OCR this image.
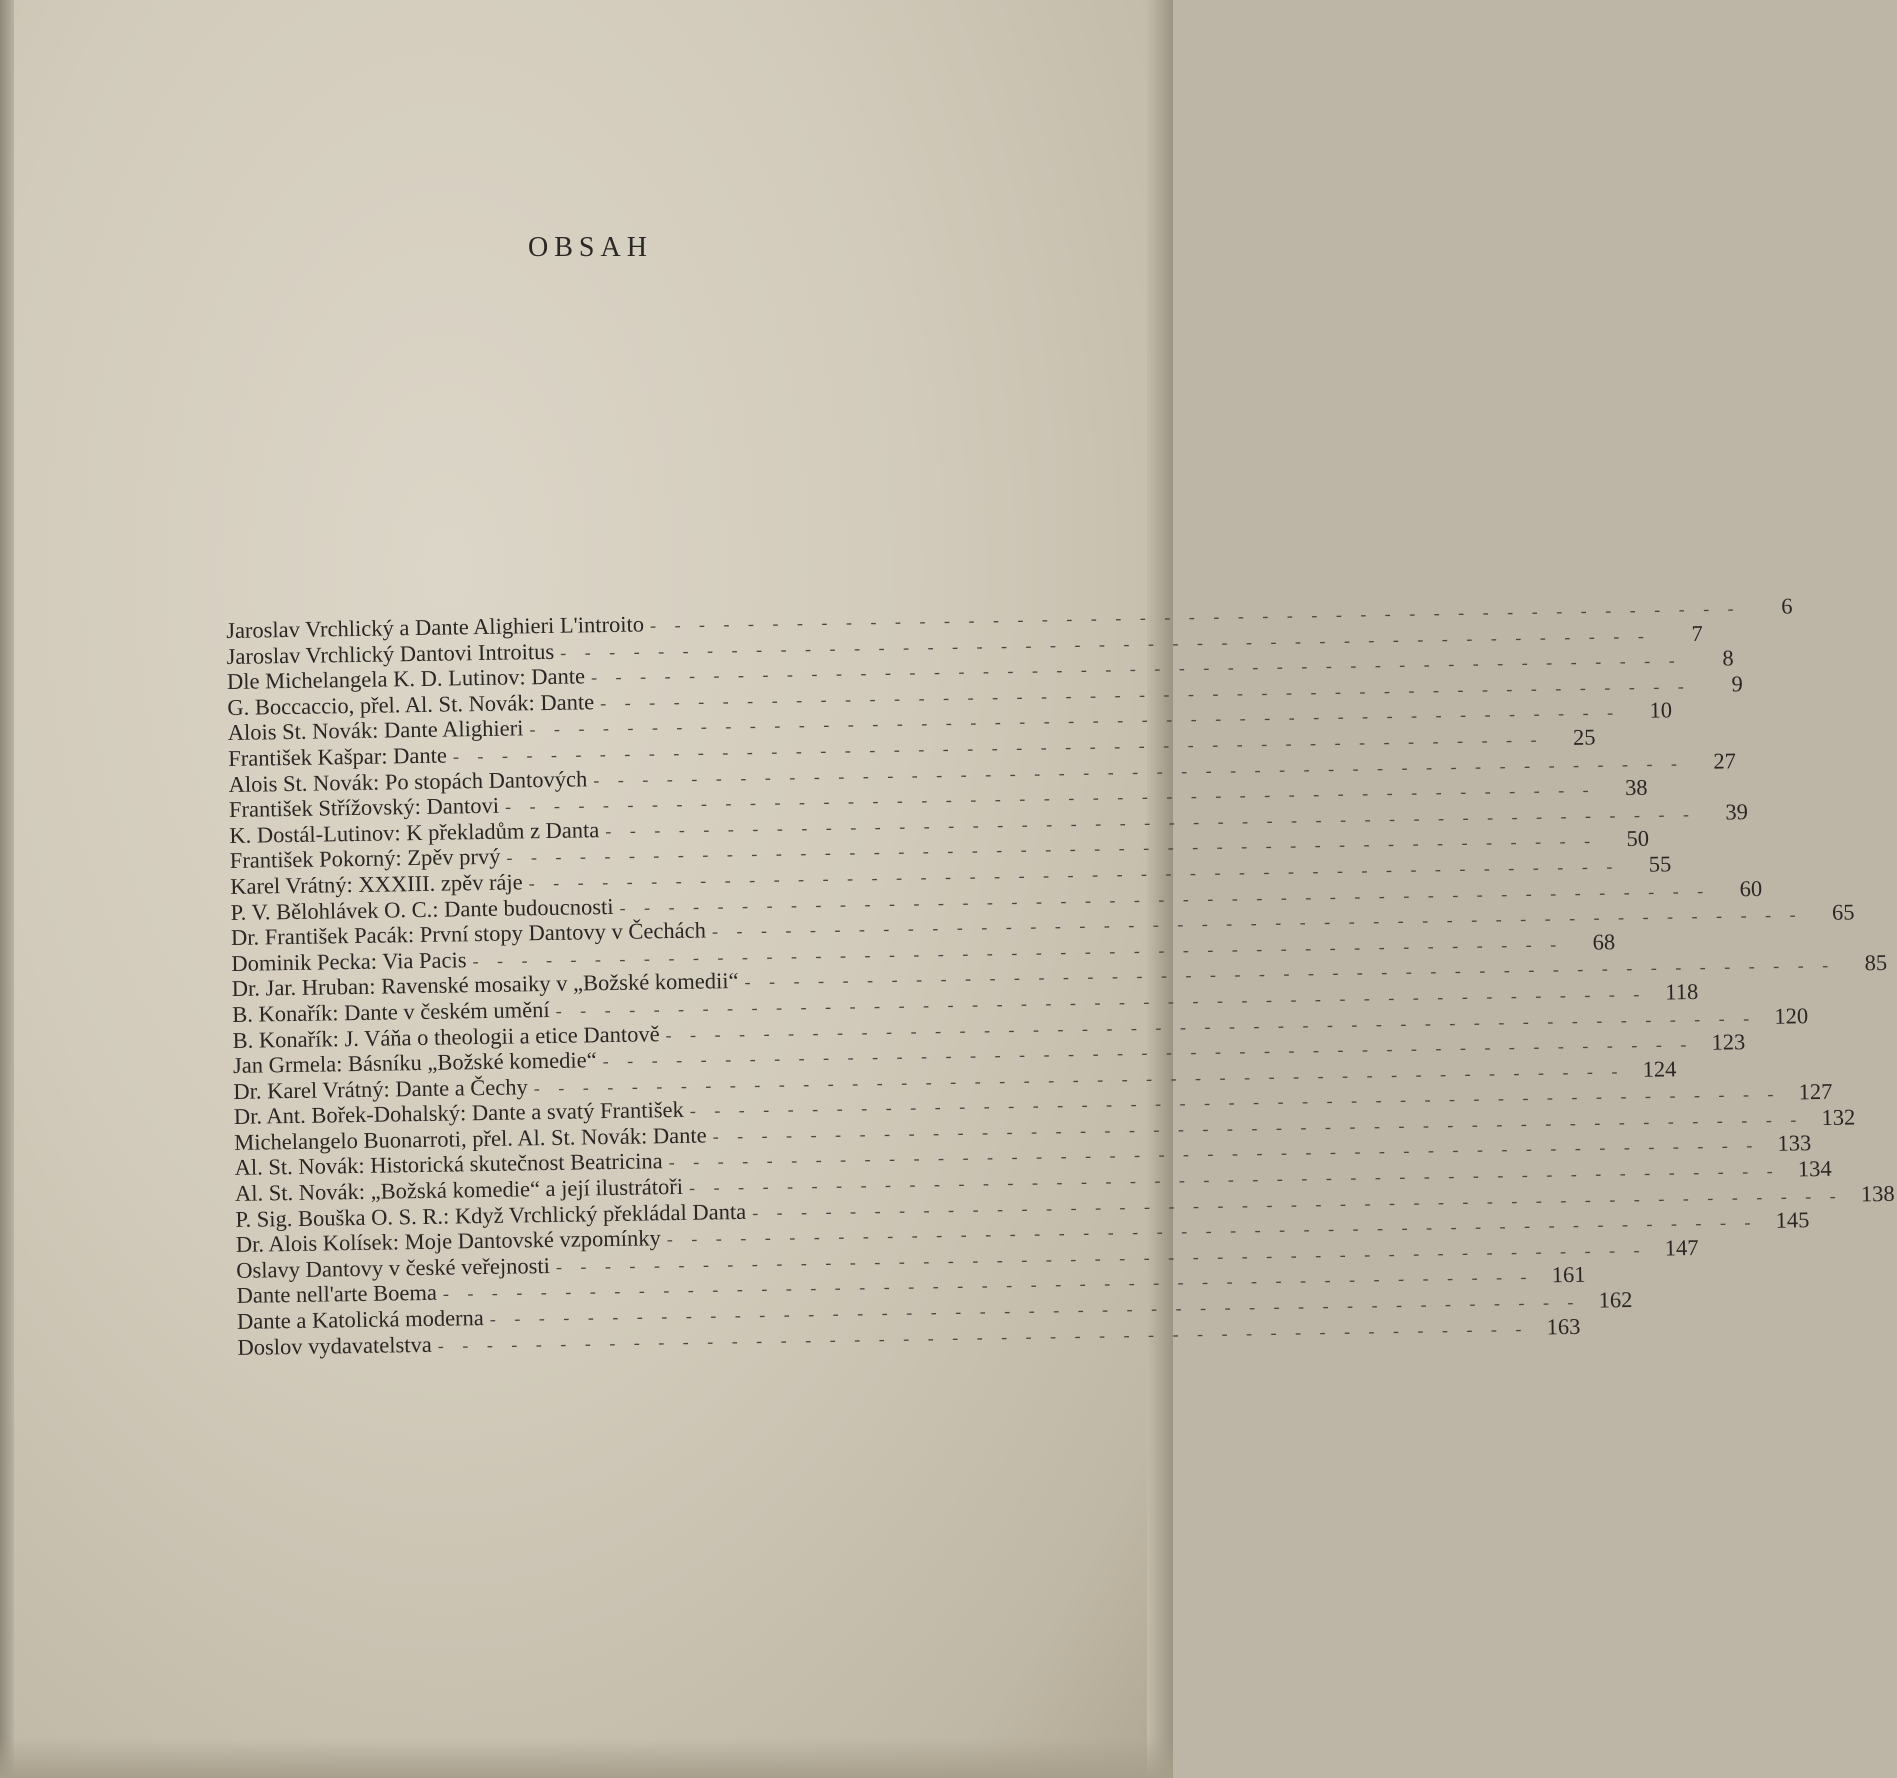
OBSAH
Jaroslav Vrchlický a Dante Alighieri L'introito
- - -
6
Jaroslav Vrchlický Dantovi Introitus
- - -
7
Dle Michelangela K. D. Lutinov: Dante
- - -
8
G. Boccaccio, přel. Al. St. Novák: Dante
- - -
9
Alois St. Novák: Dante Alighieri
- - -
10
František Kašpar: Dante
- - -
25
Alois St. Novák: Po stopách Dantových
- - -
27
František Střížovský: Dantovi
- - -
38
K. Dostál-Lutinov: K překladům z Danta
- - -
39
František Pokorný: Zpěv prvý
- - -
50
Karel Vrátný: XXXIII. zpěv ráje
- - -
55
P. V. Bělohlávek O. C.: Dante budoucnosti
- - -
60
Dr. František Pacák: První stopy Dantovy v Čechách
- - -
65
Dominik Pecka: Via Pacis
- - -
68
Dr. Jar. Hruban: Ravenské mosaiky v „Božské komedii“
- - -
85
B. Konařík: Dante v českém umění
- - -
118
B. Konařík: J. Váňa o theologii a etice Dantově
- - -
120
Jan Grmela: Básníku „Božské komedie“
- - -
123
Dr. Karel Vrátný: Dante a Čechy
- - -
124
Dr. Ant. Bořek-Dohalský: Dante a svatý František
- - -
127
Michelangelo Buonarroti, přel. Al. St. Novák: Dante
- - -
132
Al. St. Novák: Historická skutečnost Beatricina
- - -
133
Al. St. Novák: „Božská komedie“ a její ilustrátoři
- - -
134
P. Sig. Bouška O. S. R.: Když Vrchlický překládal Danta
- - -
138
Dr. Alois Kolísek: Moje Dantovské vzpomínky
- - -
145
Oslavy Dantovy v české veřejnosti
- - -
147
Dante nell'arte Boema
- - -
161
Dante a Katolická moderna
- - -
162
Doslov vydavatelstva
- - -
163
